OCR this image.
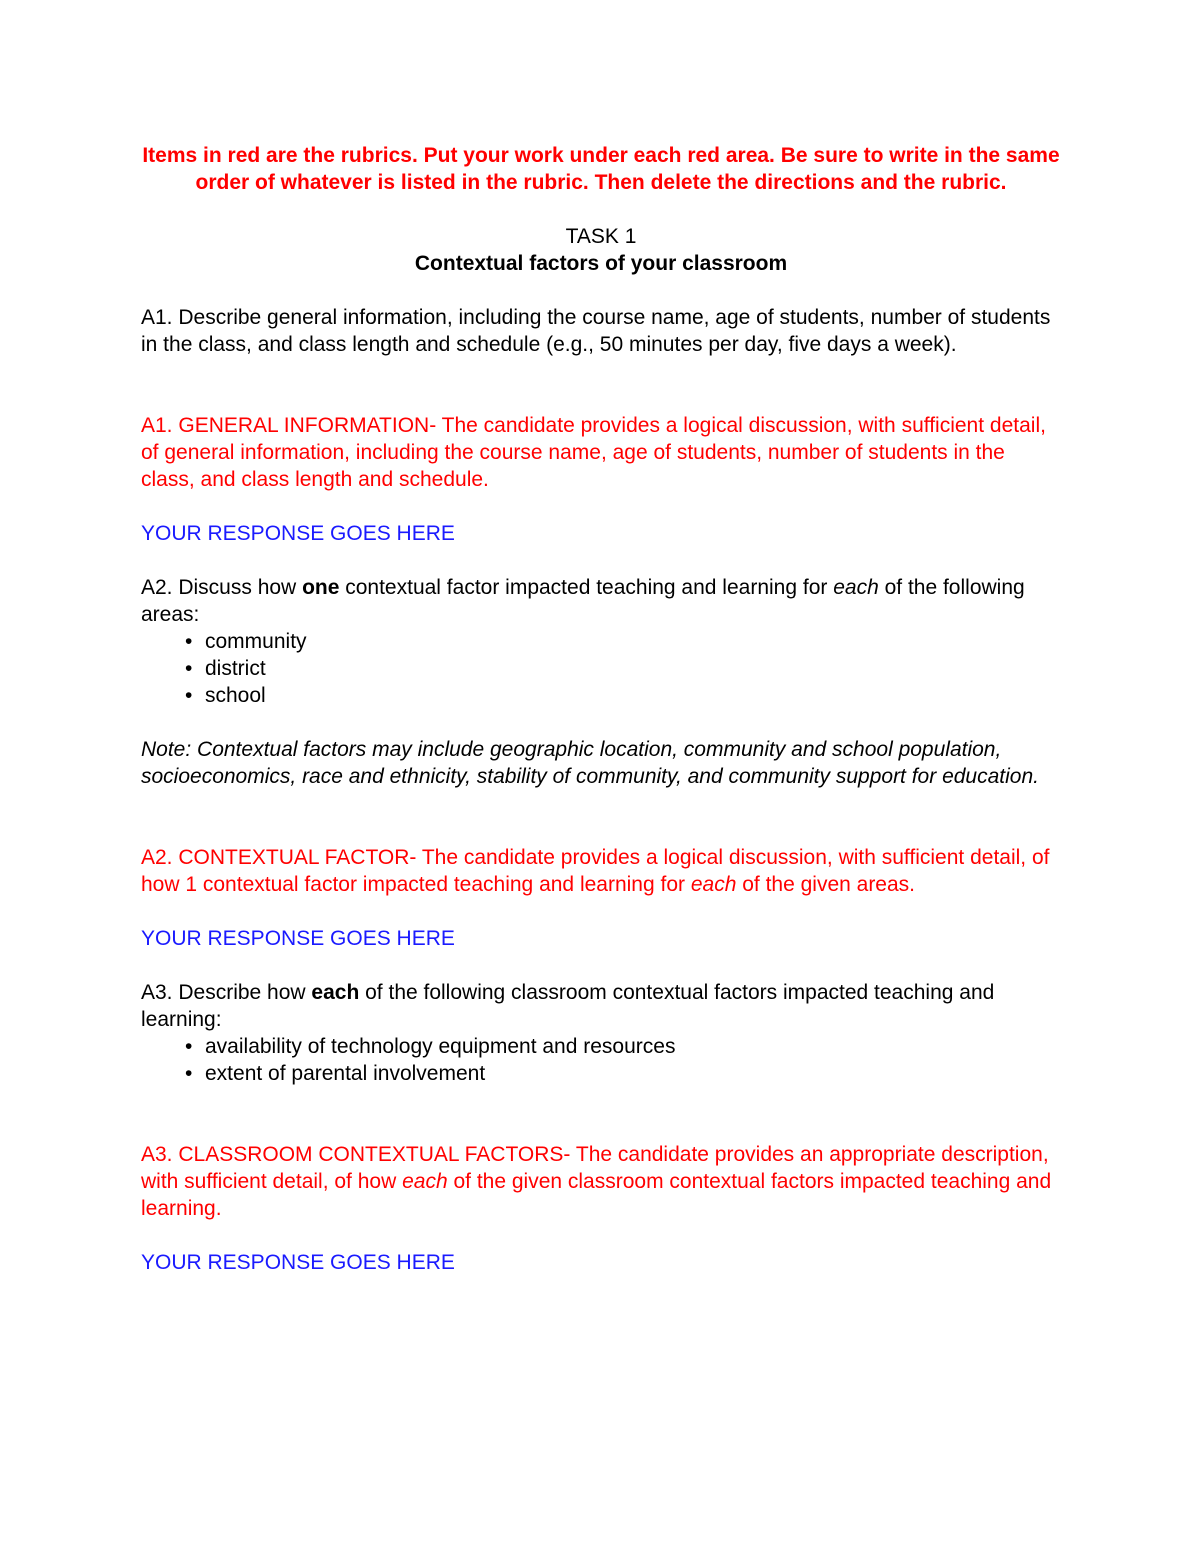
Items in red are the rubrics. Put your work under each red area. Be sure to write in the same order of whatever is listed in the rubric. Then delete the directions and the rubric.

TASK 1
Contextual factors of your classroom

A1. Describe general information, including the course name, age of students, number of students in the class, and class length and schedule (e.g., 50 minutes per day, five days a week).

A1. GENERAL INFORMATION- The candidate provides a logical discussion, with sufficient detail, of general information, including the course name, age of students, number of students in the class, and class length and schedule.

YOUR RESPONSE GOES HERE

A2. Discuss how one contextual factor impacted teaching and learning for each of the following areas:

• community
• district
• school

Note: Contextual factors may include geographic location, community and school population, socioeconomics, race and ethnicity, stability of community, and community support for education.

A2. CONTEXTUAL FACTOR- The candidate provides a logical discussion, with sufficient detail, of how 1 contextual factor impacted teaching and learning for each of the given areas.

YOUR RESPONSE GOES HERE

A3. Describe how each of the following classroom contextual factors impacted teaching and learning:

• availability of technology equipment and resources
• extent of parental involvement

A3. CLASSROOM CONTEXTUAL FACTORS- The candidate provides an appropriate description, with sufficient detail, of how each of the given classroom contextual factors impacted teaching and learning.

YOUR RESPONSE GOES HERE
